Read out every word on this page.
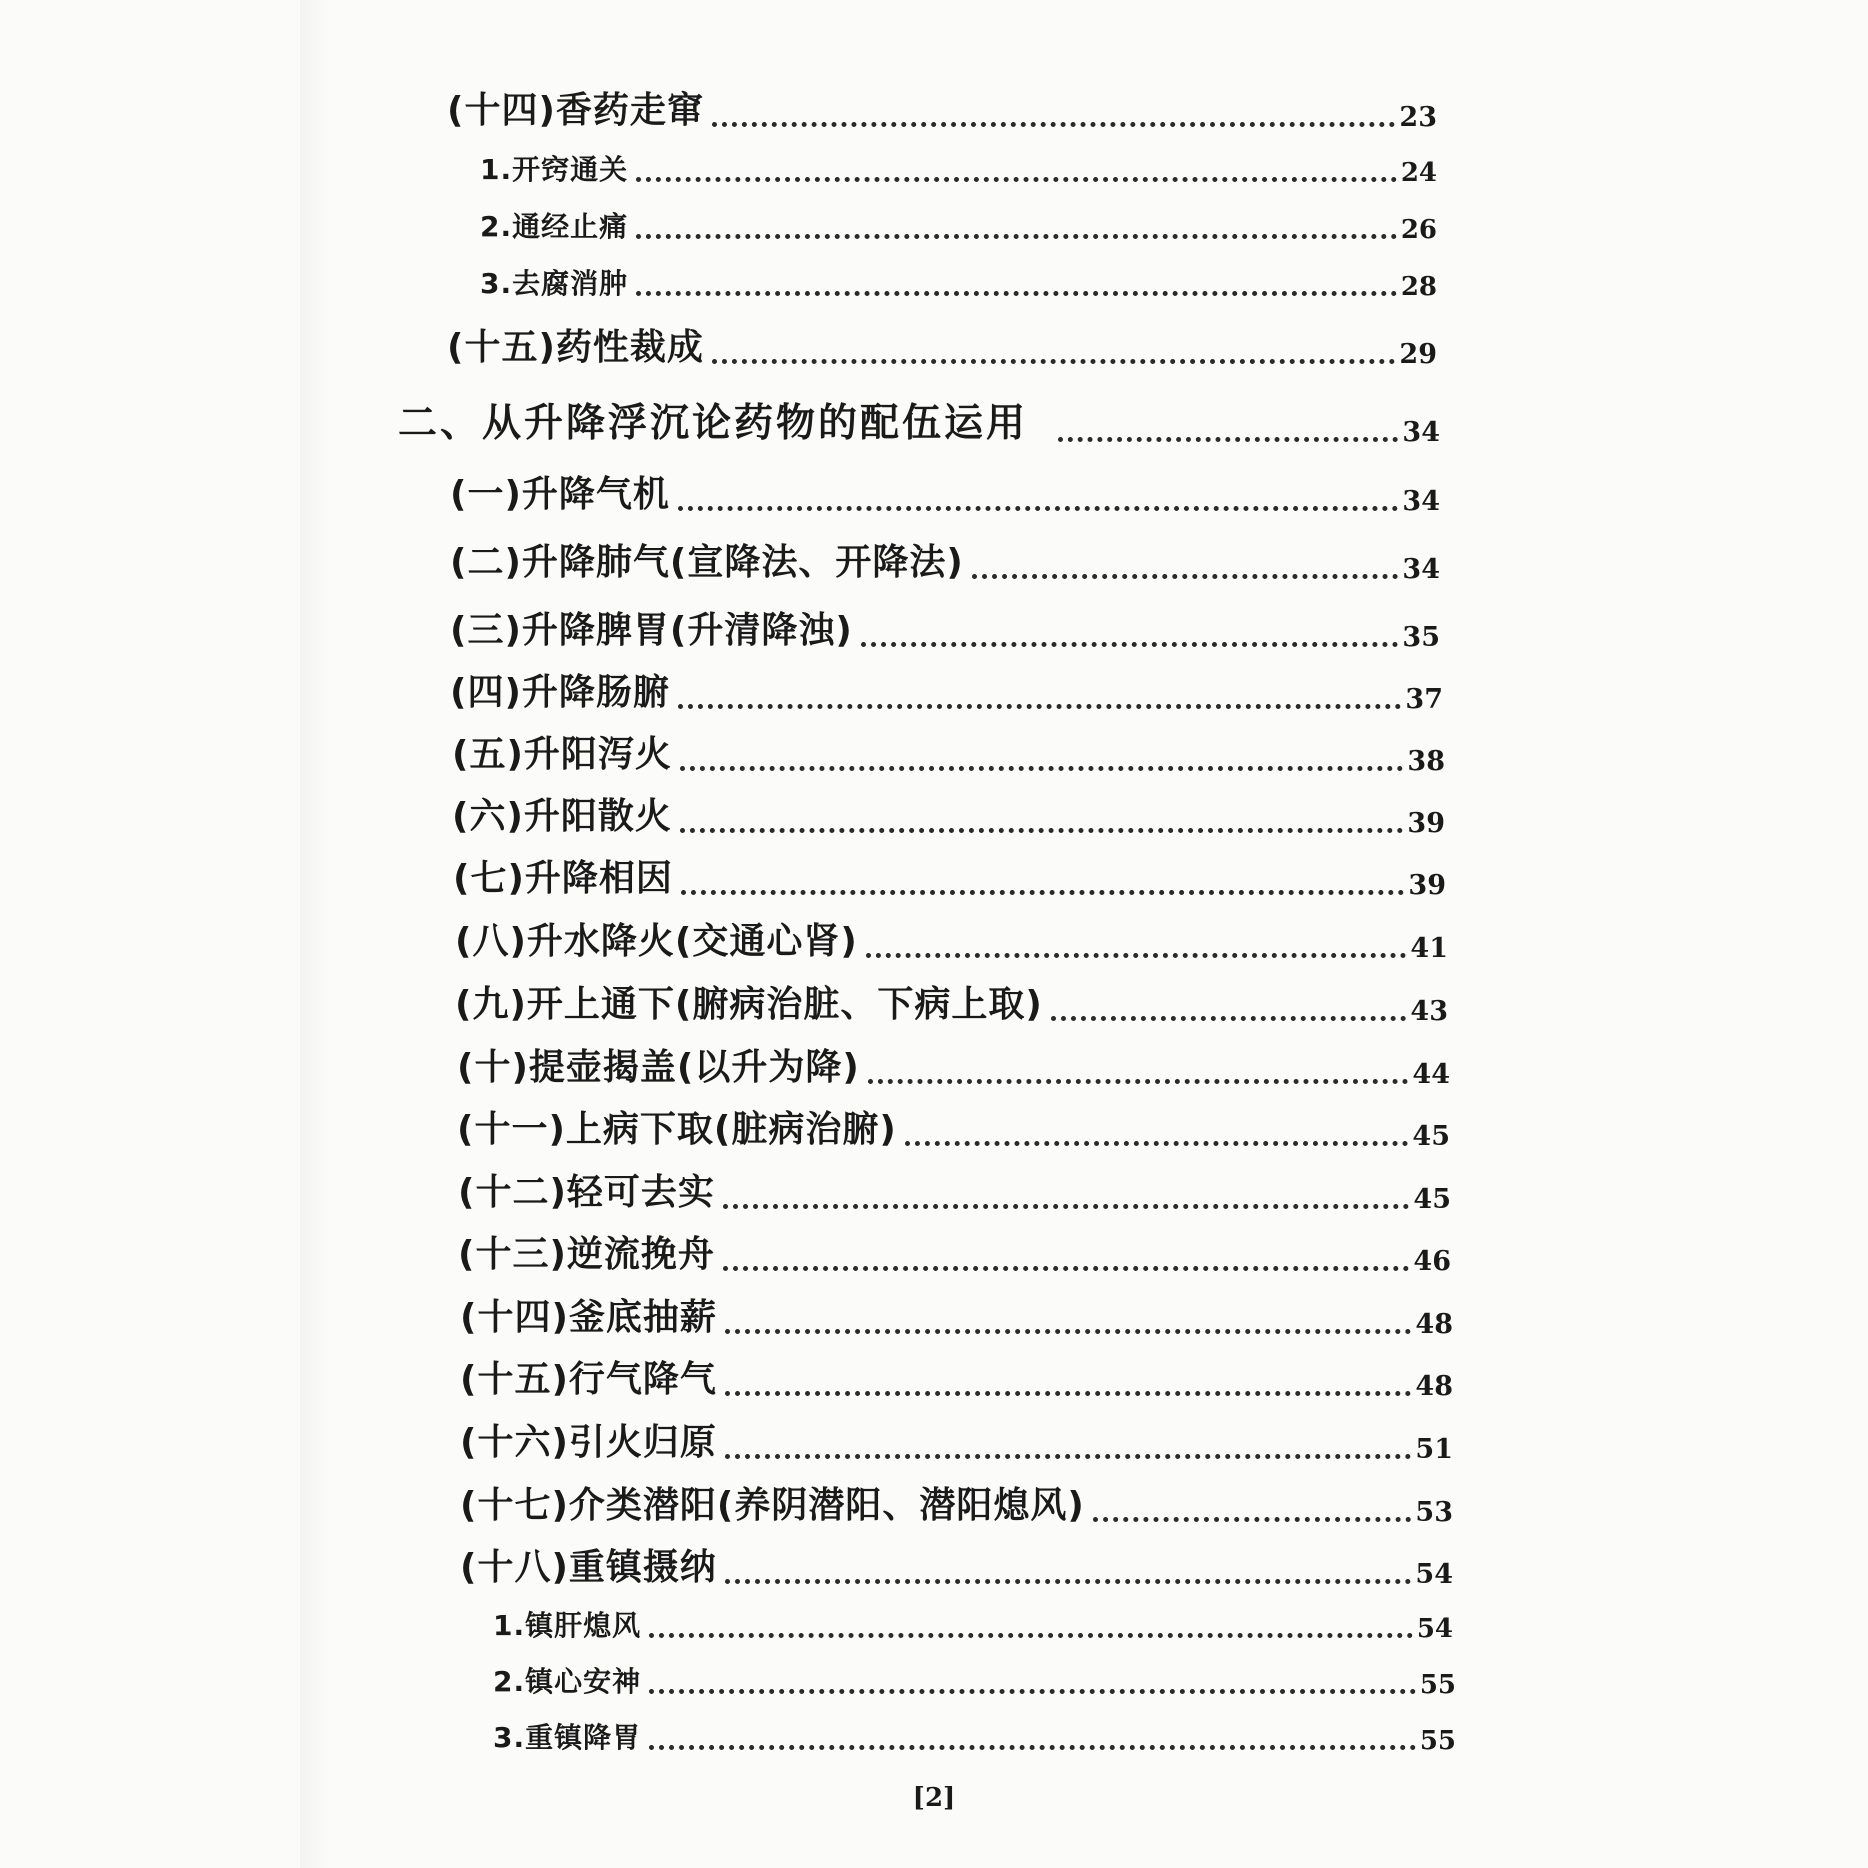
(十四)香药走窜	23
1.开窍通关	24
2.通经止痛	26
3.去腐消肿	28
(十五)药性裁成	29
二、从升降浮沉论药物的配伍运用	34
(一)升降气机	34
(二)升降肺气(宣降法、开降法)	34
(三)升降脾胃(升清降浊)	35
(四)升降肠腑	37
(五)升阳泻火	38
(六)升阳散火	39
(七)升降相因	39
(八)升水降火(交通心肾)	41
(九)开上通下(腑病治脏、下病上取)	43
(十)提壶揭盖(以升为降)	44
(十一)上病下取(脏病治腑)	45
(十二)轻可去实	45
(十三)逆流挽舟	46
(十四)釜底抽薪	48
(十五)行气降气	48
(十六)引火归原	51
(十七)介类潜阳(养阴潜阳、潜阳熄风)	53
(十八)重镇摄纳	54
1.镇肝熄风	54
2.镇心安神	55
3.重镇降胃	55
[2]
